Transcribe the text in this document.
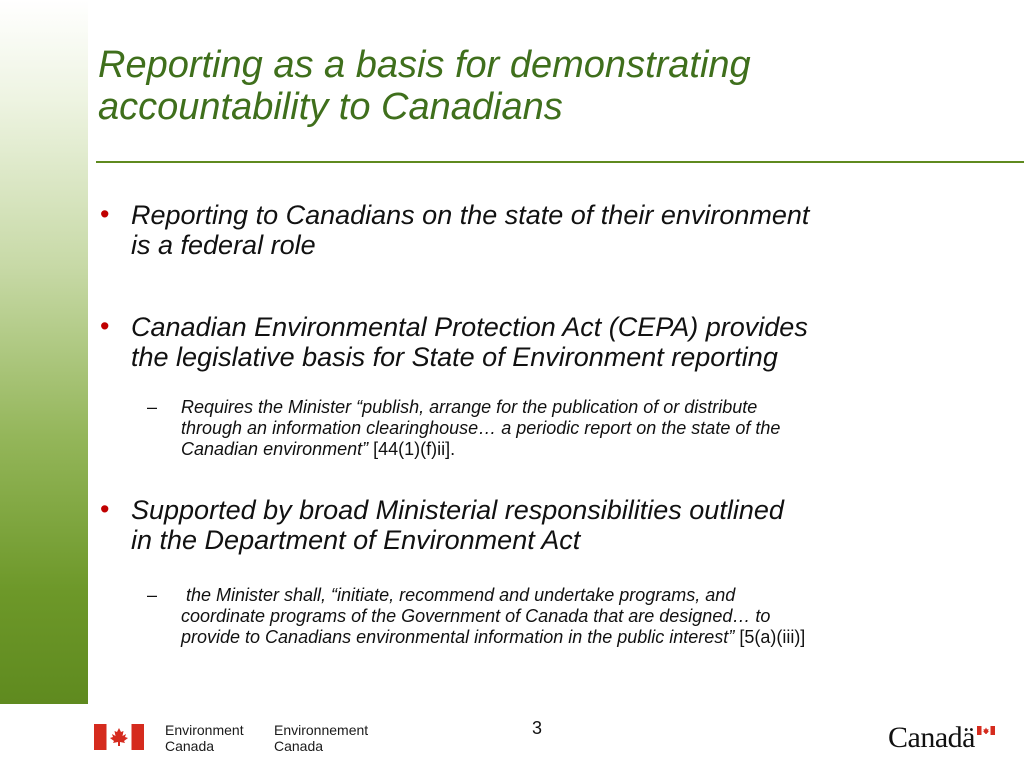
Reporting as a basis for demonstrating
accountability to Canadians
• Reporting to Canadians on the state of their environment
is a federal role
• Canadian Environmental Protection Act (CEPA) provides
the legislative basis for State of Environment reporting
– Requires the Minister “publish, arrange for the publication of or distribute
through an information clearinghouse… a periodic report on the state of the
Canadian environment” [44(1)(f)ii].
• Supported by broad Ministerial responsibilities outlined
in the Department of Environment Act
– the Minister shall, “initiate, recommend and undertake programs, and
coordinate programs of the Government of Canada that are designed… to
provide to Canadians environmental information in the public interest” [5(a)(iii)]
Environment
Canada
Environnement
Canada
3	Canadä
